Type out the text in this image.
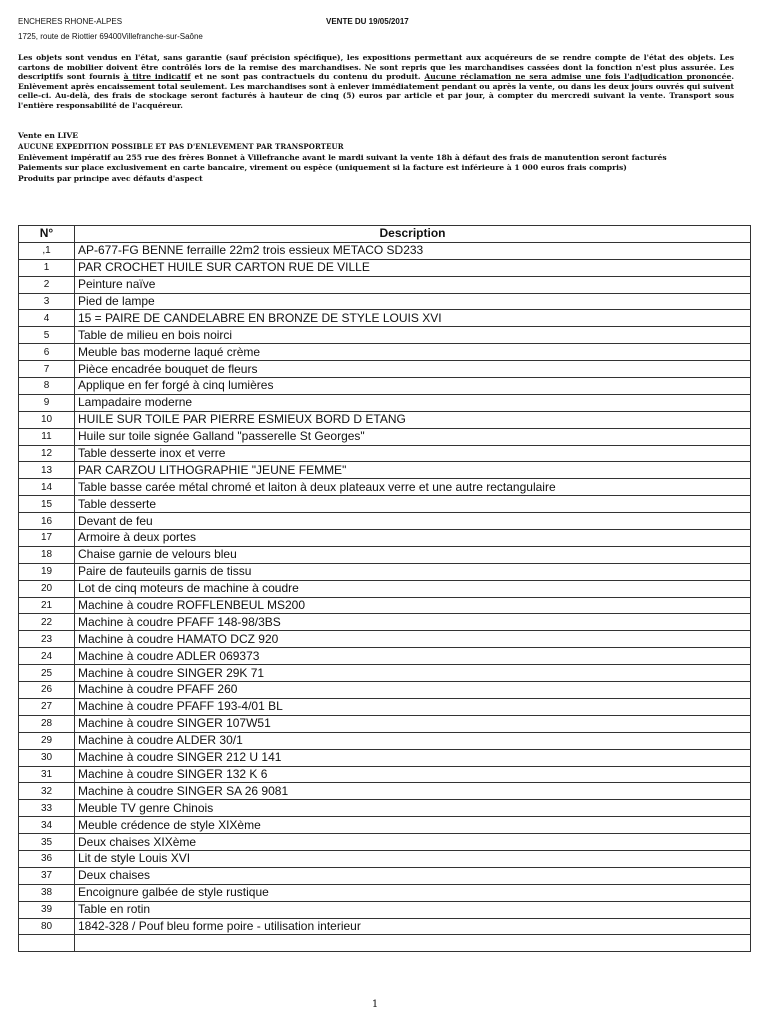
ENCHERES RHONE-ALPES	VENTE DU 19/05/2017
1725, route de Riottier 69400Villefranche-sur-Saône
Les objets sont vendus en l'état, sans garantie (sauf précision spécifique), les expositions permettant aux acquéreurs de se rendre compte de l'état des objets. Les cartons de mobilier doivent être contrôlés lors de la remise des marchandises. Ne sont repris que les marchandises cassées dont la fonction n'est plus assurée. Les descriptifs sont fournis à titre indicatif et ne sont pas contractuels du contenu du produit. Aucune réclamation ne sera admise une fois l'adjudication prononcée. Enlèvement après encaissement total seulement. Les marchandises sont à enlever immédiatement pendant ou après la vente, ou dans les deux jours ouvrés qui suivent celle-ci. Au-delà, des frais de stockage seront facturés à hauteur de cinq (5) euros par article et par jour, à compter du mercredi suivant la vente. Transport sous l'entière responsabilité de l'acquéreur.
Vente en LIVE
AUCUNE EXPEDITION POSSIBLE ET PAS D'ENLEVEMENT PAR TRANSPORTEUR
Enlèvement impératif au 255 rue des frères Bonnet à Villefranche avant le mardi suivant la vente 18h à défaut des frais de manutention seront facturés
Paiements sur place exclusivement en carte bancaire, virement ou espèce (uniquement si la facture est inférieure à 1 000 euros frais compris)
Produits par principe avec défauts d'aspect
N°	Description
,1	AP-677-FG BENNE ferraille 22m2 trois essieux METACO SD233
1	PAR CROCHET HUILE SUR CARTON RUE DE VILLE
2	Peinture naïve
3	Pied de lampe
4	15 = PAIRE DE CANDELABRE EN BRONZE DE STYLE LOUIS XVI
5	Table de milieu en bois noirci
6	Meuble bas moderne laqué crème
7	Pièce encadrée bouquet de fleurs
8	Applique en fer forgé à cinq lumières
9	Lampadaire moderne
10	HUILE SUR TOILE PAR PIERRE ESMIEUX BORD D ETANG
11	Huile sur toile signée Galland "passerelle St Georges"
12	Table desserte inox et verre
13	PAR CARZOU LITHOGRAPHIE "JEUNE FEMME"
14	Table basse carée métal chromé et laiton à deux plateaux verre et une autre rectangulaire
15	Table desserte
16	Devant de feu
17	Armoire à deux portes
18	Chaise garnie de velours bleu
19	Paire de fauteuils garnis de tissu
20	Lot de cinq moteurs de machine à coudre
21	Machine à coudre ROFFLENBEUL MS200
22	Machine à coudre PFAFF 148-98/3BS
23	Machine à coudre HAMATO DCZ 920
24	Machine à coudre ADLER 069373
25	Machine à coudre SINGER 29K 71
26	Machine à coudre PFAFF 260
27	Machine à coudre PFAFF 193-4/01 BL
28	Machine à coudre SINGER 107W51
29	Machine à coudre ALDER 30/1
30	Machine à coudre SINGER 212 U 141
31	Machine à coudre SINGER 132 K 6
32	Machine à coudre SINGER SA 26 9081
33	Meuble TV genre Chinois
34	Meuble crédence de style XIXème
35	Deux chaises XIXème
36	Lit de style Louis XVI
37	Deux chaises
38	Encoignure galbée de style rustique
39	Table en rotin
80	1842-328 / Pouf bleu forme poire - utilisation interieur

1
